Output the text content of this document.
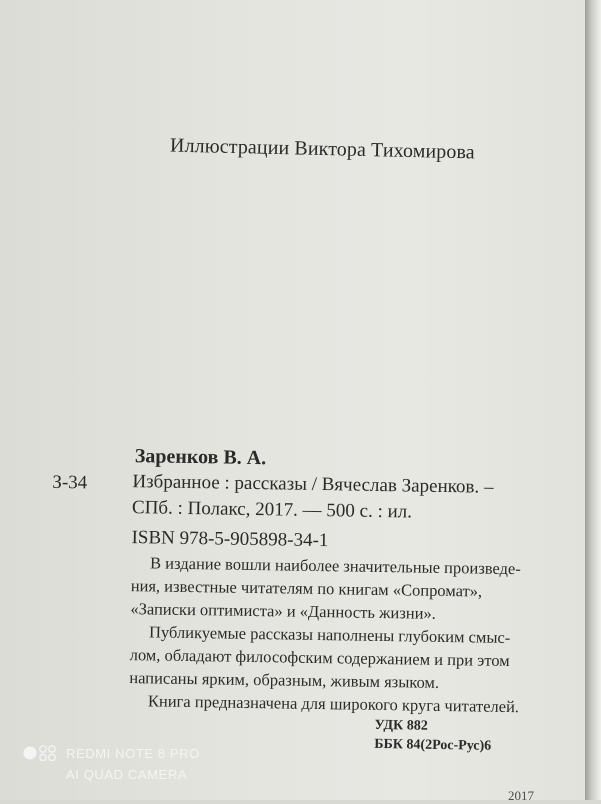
Иллюстрации Виктора Тихомирова
Заренков В. А.
З-34 Избранное : рассказы / Вячеслав Заренков. –
СПб. : Полакс, 2017. — 500 с. : ил.
ISBN 978-5-905898-34-1
В издание вошли наиболее значительные произведе-
ния, известные читателям по книгам «Сопромат»,
«Записки оптимиста» и «Данность жизни».
Публикуемые рассказы наполнены глубоким смыс-
лом, обладают философским содержанием и при этом
написаны ярким, образным, живым языком.
Книга предназначена для широкого круга читателей.
УДК 882
ББК 84(2Рос-Рус)6
REDMI NOTE 8 PRO
AI QUAD CAMERA
2017
